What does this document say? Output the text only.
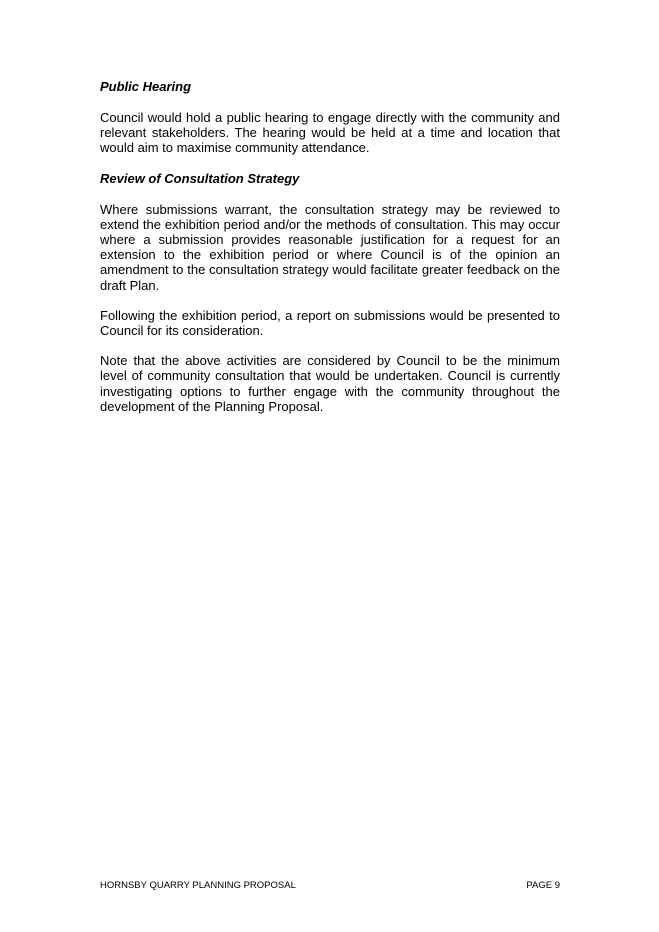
Public Hearing

Council would hold a public hearing to engage directly with the community and relevant stakeholders. The hearing would be held at a time and location that would aim to maximise community attendance.

Review of Consultation Strategy

Where submissions warrant, the consultation strategy may be reviewed to extend the exhibition period and/or the methods of consultation. This may occur where a submission provides reasonable justification for a request for an extension to the exhibition period or where Council is of the opinion an amendment to the consultation strategy would facilitate greater feedback on the draft Plan.

Following the exhibition period, a report on submissions would be presented to Council for its consideration.

Note that the above activities are considered by Council to be the minimum level of community consultation that would be undertaken. Council is currently investigating options to further engage with the community throughout the development of the Planning Proposal.

HORNSBY QUARRY PLANNING PROPOSAL	PAGE 9
